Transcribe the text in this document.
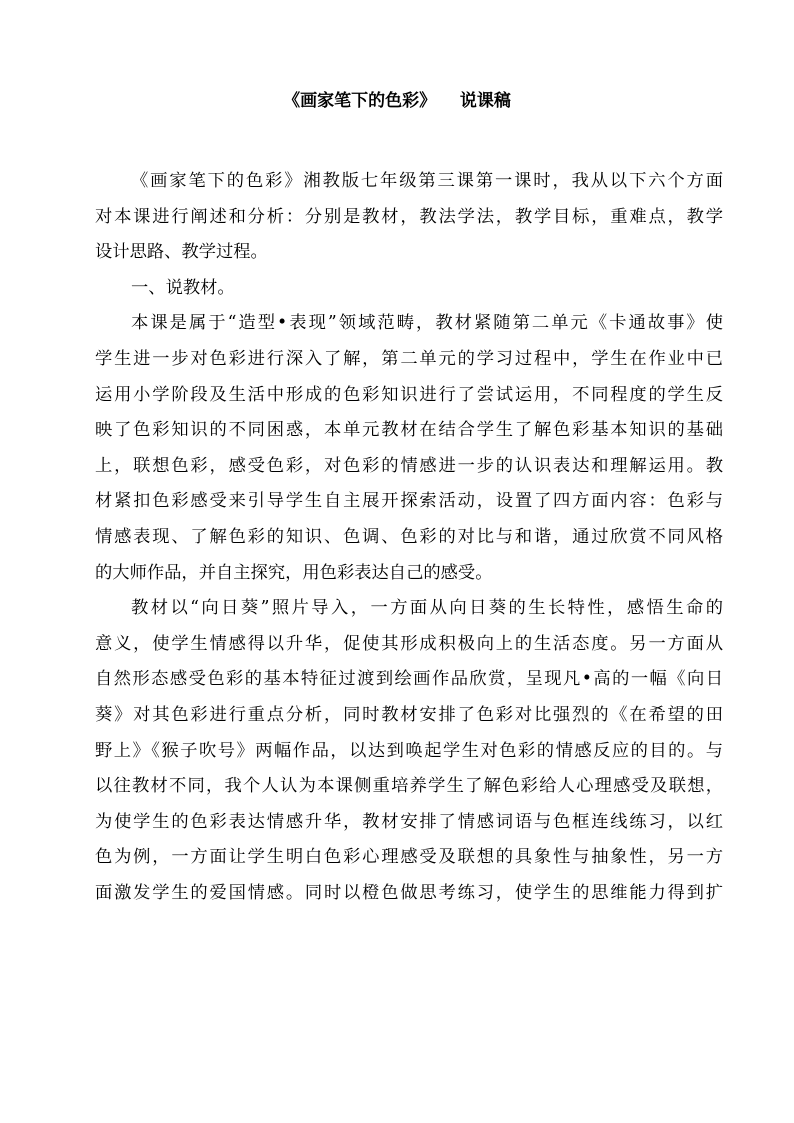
《画家笔下的色彩》    说课稿
《画家笔下的色彩》湘教版七年级第三课第一课时，我从以下六个方面
对本课进行阐述和分析：分别是教材，教法学法，教学目标，重难点，教学
设计思路、教学过程。
一、说教材。
本课是属于“造型•表现”领域范畴，教材紧随第二单元《卡通故事》使
学生进一步对色彩进行深入了解，第二单元的学习过程中，学生在作业中已
运用小学阶段及生活中形成的色彩知识进行了尝试运用，不同程度的学生反
映了色彩知识的不同困惑，本单元教材在结合学生了解色彩基本知识的基础
上，联想色彩，感受色彩，对色彩的情感进一步的认识表达和理解运用。教
材紧扣色彩感受来引导学生自主展开探索活动，设置了四方面内容：色彩与
情感表现、了解色彩的知识、色调、色彩的对比与和谐，通过欣赏不同风格
的大师作品，并自主探究，用色彩表达自己的感受。
教材以“向日葵”照片导入，一方面从向日葵的生长特性，感悟生命的
意义，使学生情感得以升华，促使其形成积极向上的生活态度。另一方面从
自然形态感受色彩的基本特征过渡到绘画作品欣赏，呈现凡•高的一幅《向日
葵》对其色彩进行重点分析，同时教材安排了色彩对比强烈的《在希望的田
野上》《猴子吹号》两幅作品，以达到唤起学生对色彩的情感反应的目的。与
以往教材不同，我个人认为本课侧重培养学生了解色彩给人心理感受及联想，
为使学生的色彩表达情感升华，教材安排了情感词语与色框连线练习，以红
色为例，一方面让学生明白色彩心理感受及联想的具象性与抽象性，另一方
面激发学生的爱国情感。同时以橙色做思考练习，使学生的思维能力得到扩
